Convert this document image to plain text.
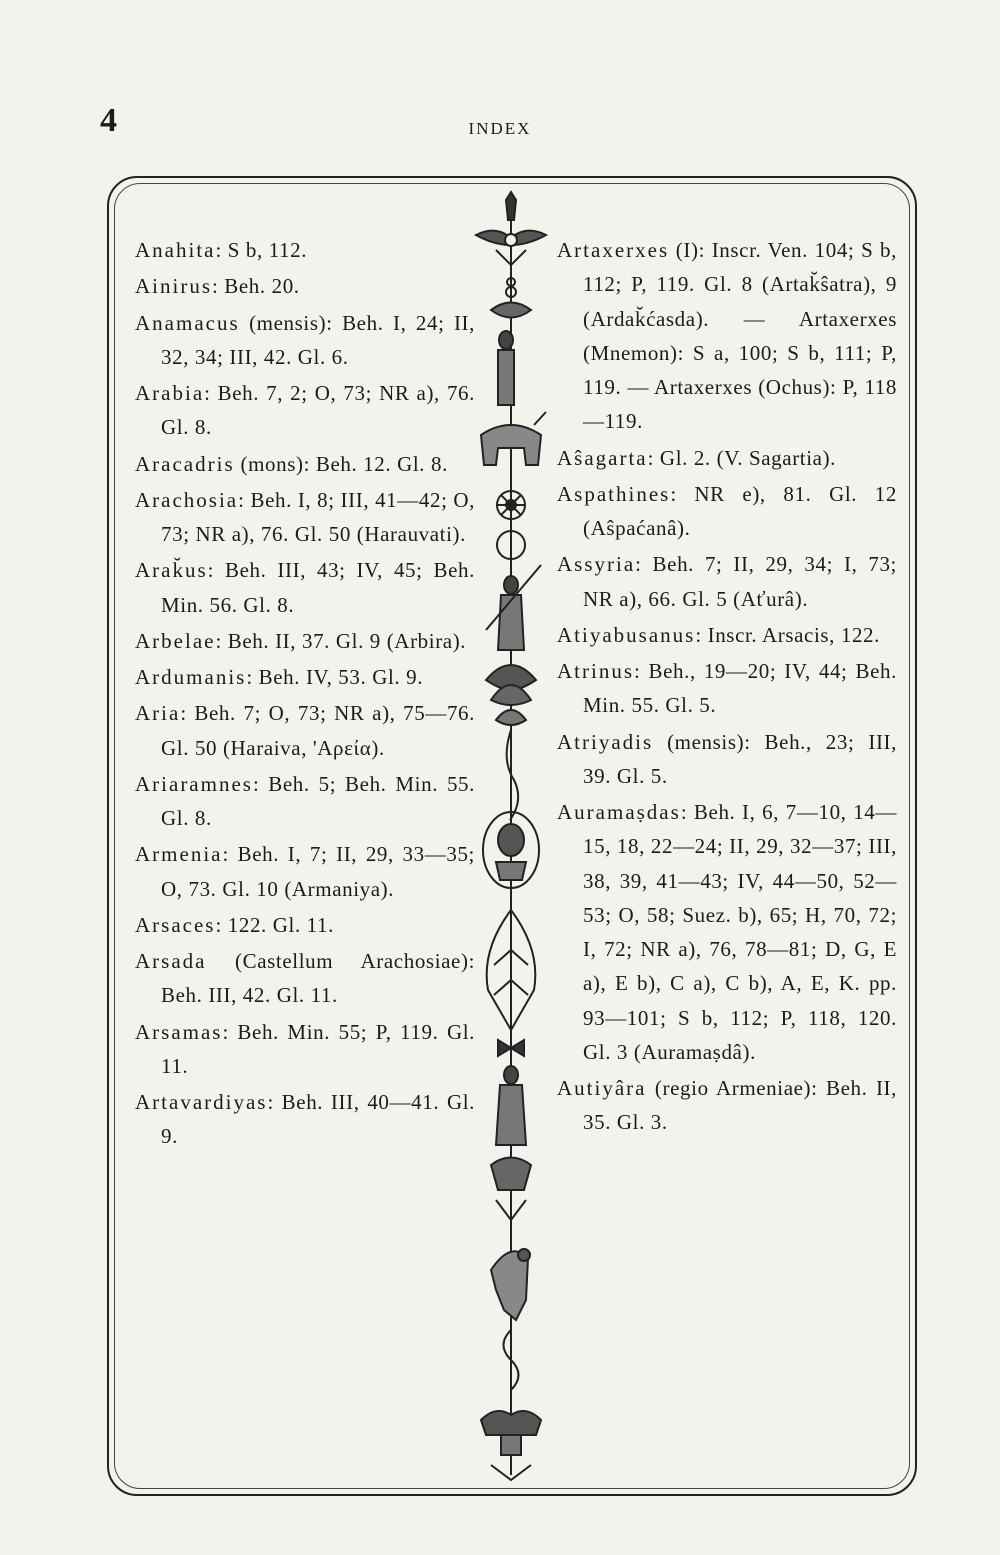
4	INDEX

Anahita: S b, 112.

Ainirus: Beh. 20.

Anamacus (mensis): Beh. I, 24; II, 32, 34; III, 42. Gl. 6.

Arabia: Beh. 7, 2; O, 73; NR a), 76. Gl. 8.

Aracadris (mons): Beh. 12. Gl. 8.

Arachosia: Beh. I, 8; III, 41—42; O, 73; NR a), 76. Gl. 50 (Harauvati).

Arak̆us: Beh. III, 43; IV, 45; Beh. Min. 56. Gl. 8.

Arbelae: Beh. II, 37. Gl. 9 (Arbira).

Ardumanis: Beh. IV, 53. Gl. 9.

Aria: Beh. 7; O, 73; NR a), 75—76. Gl. 50 (Haraiva, 'Αρεία).

Ariaramnes: Beh. 5; Beh. Min. 55. Gl. 8.

Armenia: Beh. I, 7; II, 29, 33—35; O, 73. Gl. 10 (Armaniya).

Arsaces: 122. Gl. 11.

Arsada (Castellum Arachosiae): Beh. III, 42. Gl. 11.

Arsamas: Beh. Min. 55; P, 119. Gl. 11.

Artavardiyas: Beh. III, 40—41. Gl. 9.

Artaxerxes (I): Inscr. Ven. 104; S b, 112; P, 119. Gl. 8 (Artak̆ŝatra), 9 (Ardak̆ćasda). — Artaxerxes (Mnemon): S a, 100; S b, 111; P, 119. — Artaxerxes (Ochus): P, 118—119.

Aŝagarta: Gl. 2. (V. Sagartia).

Aspathines: NR e), 81. Gl. 12 (Aŝpaćanâ).

Assyria: Beh. 7; II, 29, 34; I, 73; NR a), 66. Gl. 5 (Aťurâ).

Atiyabusanus: Inscr. Arsacis, 122.

Atrinus: Beh., 19—20; IV, 44; Beh. Min. 55. Gl. 5.

Atriyadis (mensis): Beh., 23; III, 39. Gl. 5.

Auramaṣdas: Beh. I, 6, 7—10, 14—15, 18, 22—24; II, 29, 32—37; III, 38, 39, 41—43; IV, 44—50, 52—53; O, 58; Suez. b), 65; H, 70, 72; I, 72; NR a), 76, 78—81; D, G, E a), E b), C a), C b), A, E, K. pp. 93—101; S b, 112; P, 118, 120. Gl. 3 (Auramaṣdâ).

Autiyâra (regio Armeniae): Beh. II, 35. Gl. 3.
